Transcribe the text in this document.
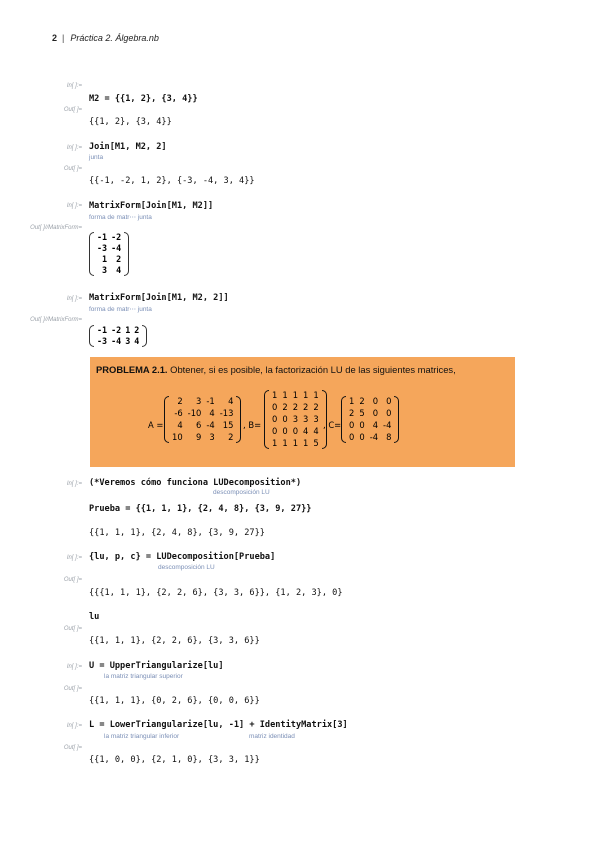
2 | Práctica 2. Álgebra.nb
In[ ]:=
M2 = {{1, 2}, {3, 4}}
Out[ ]=
{{1, 2}, {3, 4}}
In[ ]:= Join[M1, M2, 2]
junta
Out[ ]=
{{-1, -2, 1, 2}, {-3, -4, 3, 4}}
In[ ]:= MatrixForm[Join[M1, M2]]
forma de matr⋯ junta
Out[ ]//MatrixForm=
-1 -2
-3 -4
1	2
3	4
In[ ]:= MatrixForm[Join[M1, M2, 2]]
forma de matr⋯ junta
Out[ ]//MatrixForm=
-1 -2 1 2
-3 -4 3 4
PROBLEMA 2.1. Obtener, si es posible, la factorización LU de las siguientes matrices,
A =
2	3 -1	4
-6 -10 4 -13
4	6 -4 15
10	9 3	2
, B=
1 1 1 1 1
0 2 2 2 2
0 0 3 3 3
0 0 0 4 4
1 1 1 1 5
, C=
1 2 0 0
2 5 0 0
0 0 4 -4
0 0 -4 8
In[ ]:= (*Veremos cómo funciona LUDecomposition*)
descomposición LU
Prueba = {{1, 1, 1}, {2, 4, 8}, {3, 9, 27}}
{{1, 1, 1}, {2, 4, 8}, {3, 9, 27}}
In[ ]:= {lu, p, c} = LUDecomposition[Prueba]
descomposición LU
Out[ ]=
{{{1, 1, 1}, {2, 2, 6}, {3, 3, 6}}, {1, 2, 3}, 0}
lu
Out[ ]=
{{1, 1, 1}, {2, 2, 6}, {3, 3, 6}}
In[ ]:= U = UpperTriangularize[lu]
la matriz triangular superior
Out[ ]=
{{1, 1, 1}, {0, 2, 6}, {0, 0, 6}}
In[ ]:= L = LowerTriangularize[lu, -1] + IdentityMatrix[3]
la matriz triangular inferior	matriz identidad
Out[ ]=
{{1, 0, 0}, {2, 1, 0}, {3, 3, 1}}
